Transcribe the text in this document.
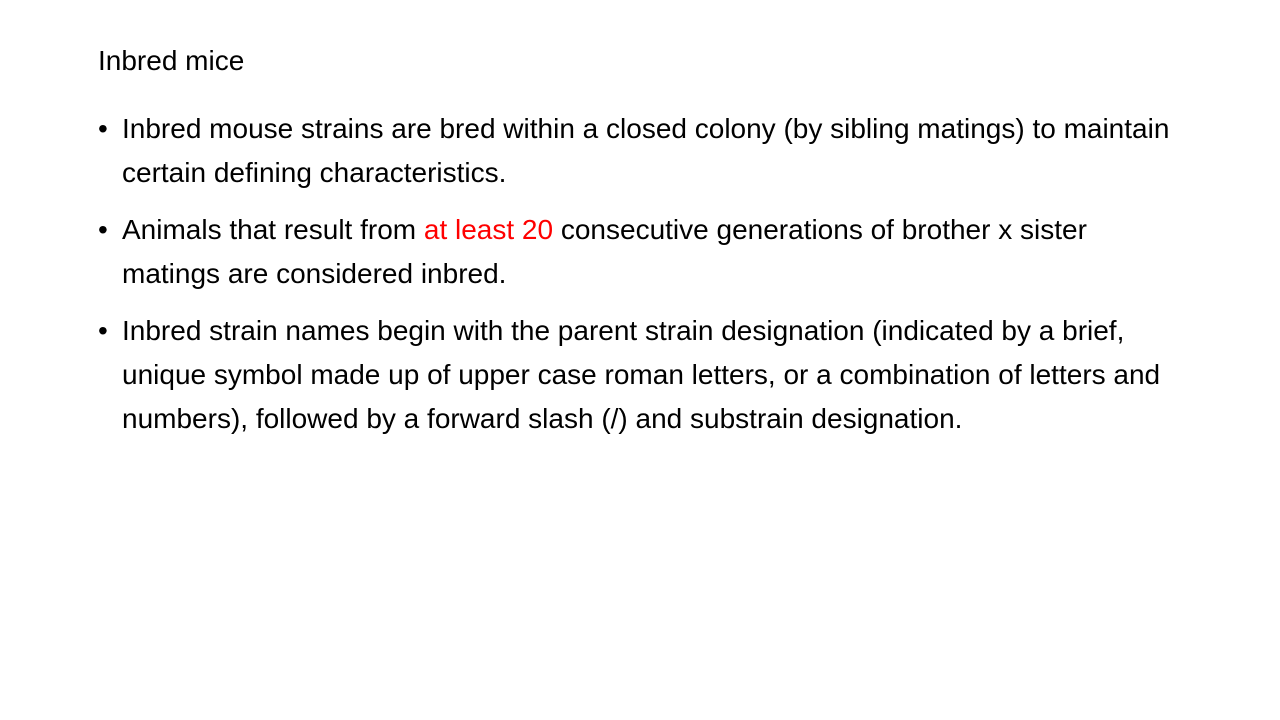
Inbred mice
• Inbred mouse strains are bred within a closed colony (by sibling matings) to maintain certain defining characteristics.
• Animals that result from at least 20 consecutive generations of brother x sister matings are considered inbred.
• Inbred strain names begin with the parent strain designation (indicated by a brief, unique symbol made up of upper case roman letters, or a combination of letters and numbers), followed by a forward slash (/) and substrain designation.
